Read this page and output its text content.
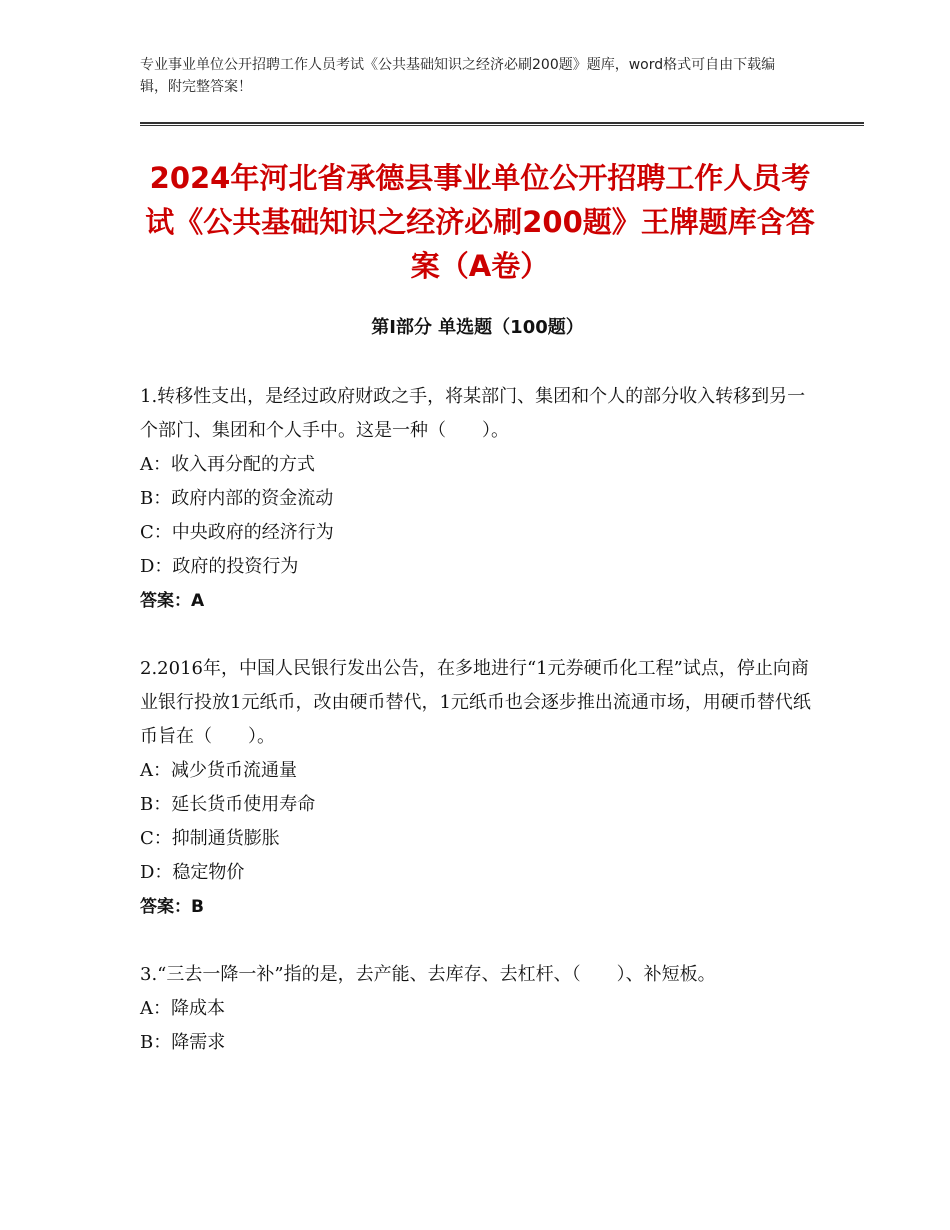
专业事业单位公开招聘工作人员考试《公共基础知识之经济必刷200题》题库，word格式可自由下载编辑，附完整答案！
2024年河北省承德县事业单位公开招聘工作人员考试《公共基础知识之经济必刷200题》王牌题库含答案（A卷）
第Ⅰ部分 单选题（100题）

1.转移性支出，是经过政府财政之手，将某部门、集团和个人的部分收入转移到另一个部门、集团和个人手中。这是一种（　　）。

A：收入再分配的方式

B：政府内部的资金流动

C：中央政府的经济行为

D：政府的投资行为

答案：A

2.2016年，中国人民银行发出公告，在多地进行“1元券硬币化工程”试点，停止向商业银行投放1元纸币，改由硬币替代，1元纸币也会逐步推出流通市场，用硬币替代纸币旨在（　　）。

A：减少货币流通量

B：延长货币使用寿命

C：抑制通货膨胀

D：稳定物价

答案：B

3.“三去一降一补”指的是，去产能、去库存、去杠杆、（　　）、补短板。

A：降成本

B：降需求
